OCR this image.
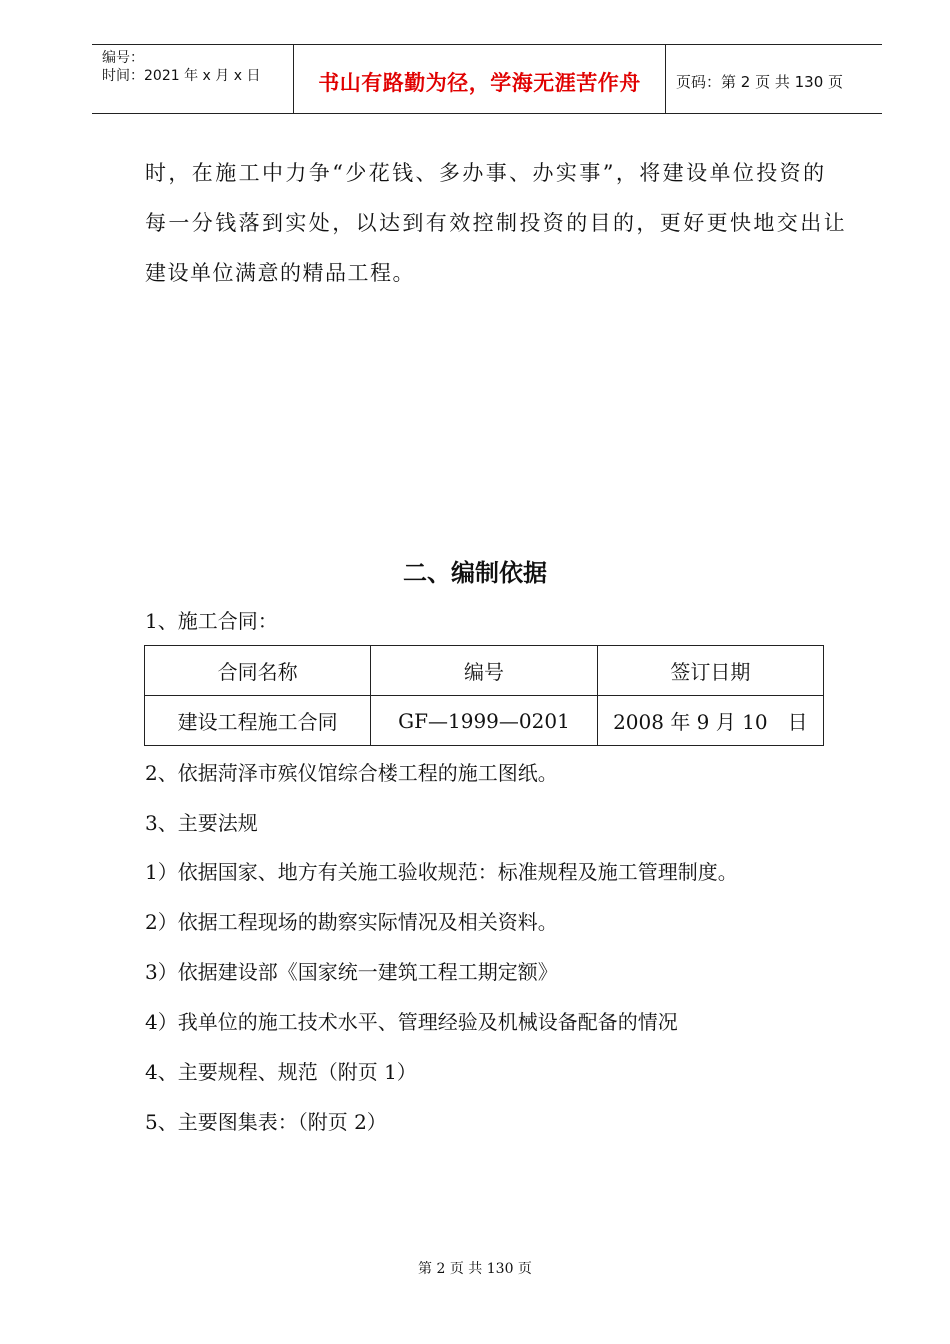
编号：
时间：2021 年 x 月 x 日	书山有路勤为径，学海无涯苦作舟	页码：第 2 页 共 130 页
时，在施工中力争“少花钱、多办事、办实事”，将建设单位投资的
每一分钱落到实处，以达到有效控制投资的目的，更好更快地交出让
建设单位满意的精品工程。
二、编制依据
1、施工合同：
合同名称	编号	签订日期
建设工程施工合同	GF—1999—0201	2008 年 9 月 10　日
2、依据菏泽市殡仪馆综合楼工程的施工图纸。
3、主要法规
1）依据国家、地方有关施工验收规范：标准规程及施工管理制度。
2）依据工程现场的勘察实际情况及相关资料。
3）依据建设部《国家统一建筑工程工期定额》
4）我单位的施工技术水平、管理经验及机械设备配备的情况
4、主要规程、规范（附页 1）
5、主要图集表：（附页 2）
第 2 页 共 130 页
